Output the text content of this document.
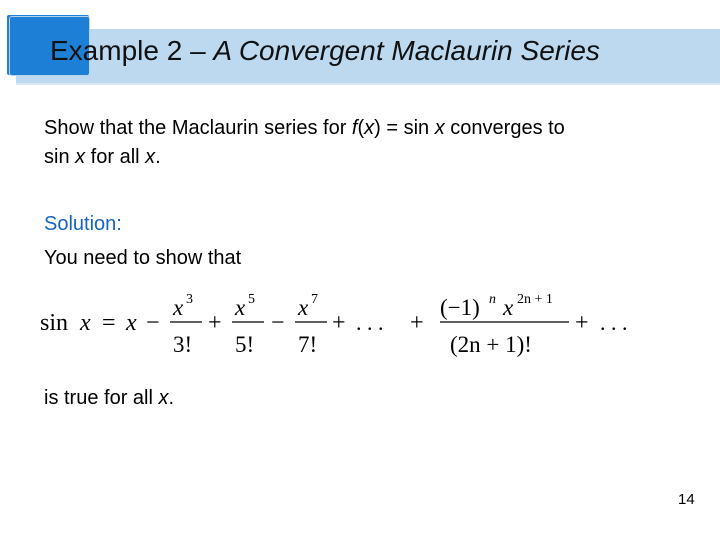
Example 2 – A Convergent Maclaurin Series
Show that the Maclaurin series for f(x) = sin x converges to
sin x for all x.
Solution:
You need to show that
sin x = x −
x 3
3!
+
x 5
5!
−
x 7
7!
+ . . . +
(−1) n x 2n + 1
(2n + 1)!
+ . . .
is true for all x.
14
